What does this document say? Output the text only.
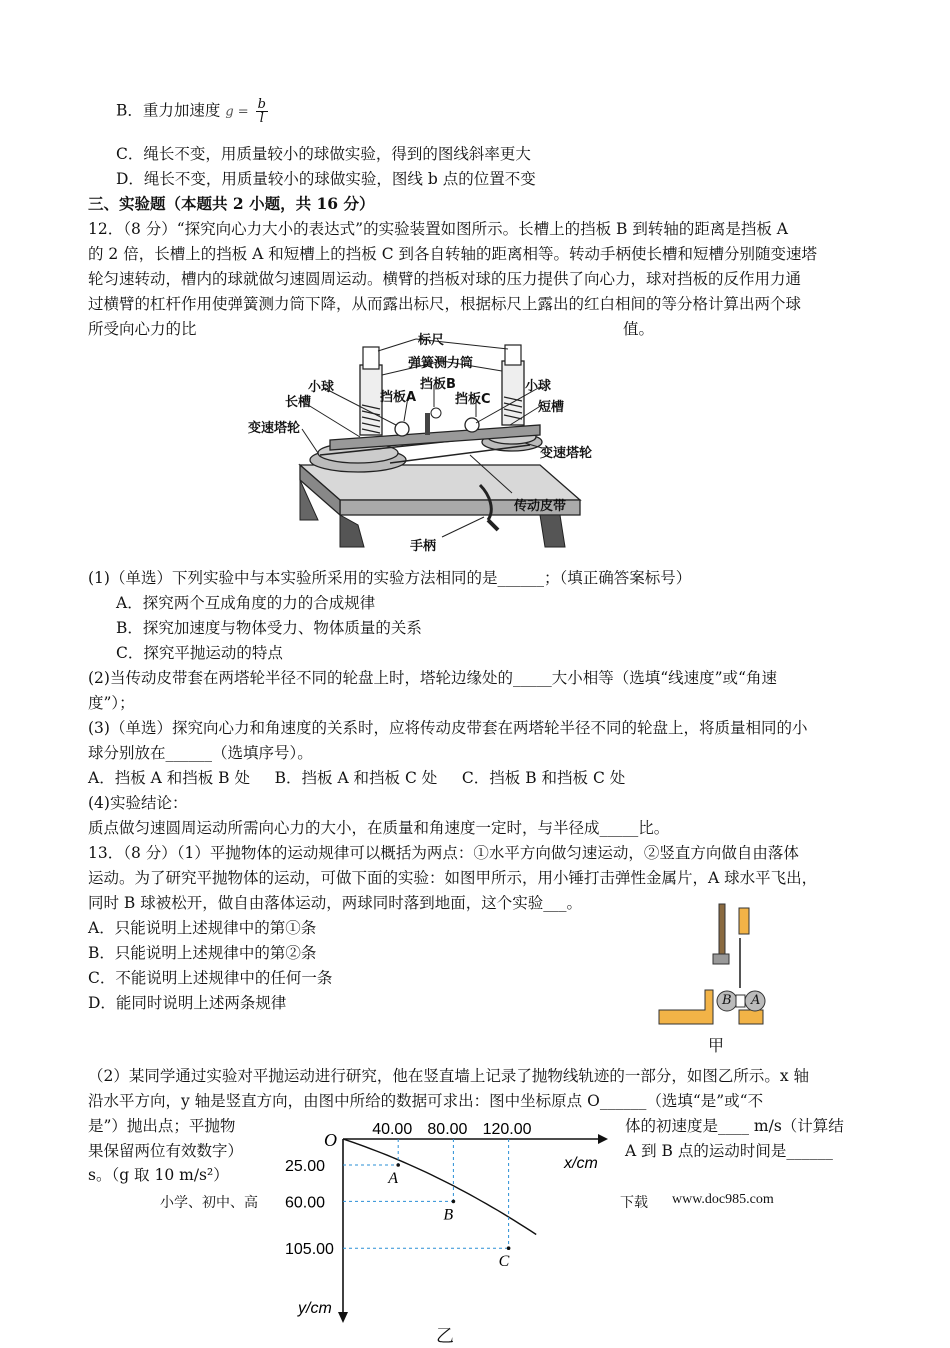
B．重力加速度 $g = \frac{b}{l}$
C．绳长不变，用质量较小的球做实验，得到的图线斜率更大
D．绳长不变，用质量较小的球做实验，图线 b 点的位置不变
三、实验题（本题共 2 小题，共 16 分）
12．（8 分）“探究向心力大小的表达式”的实验装置如图所示。长槽上的挡板 B 到转轴的距离是挡板 A
的 2 倍，长槽上的挡板 A 和短槽上的挡板 C 到各自转轴的距离相等。转动手柄使长槽和短槽分别随变速塔
轮匀速转动，槽内的球就做匀速圆周运动。横臂的挡板对球的压力提供了向心力，球对挡板的反作用力通
过横臂的杠杆作用使弹簧测力筒下降，从而露出标尺，根据标尺上露出的红白相间的等分格计算出两个球
所受向心力的比	值。
标尺
弹簧测力筒
小球	挡板B	小球
挡板A	挡板C
长槽	短槽
变速塔轮
变速塔轮
传动皮带
手柄
(1)（单选）下列实验中与本实验所采用的实验方法相同的是______；（填正确答案标号）
A．探究两个互成角度的力的合成规律
B．探究加速度与物体受力、物体质量的关系
C．探究平抛运动的特点
(2)当传动皮带套在两塔轮半径不同的轮盘上时，塔轮边缘处的_____大小相等（选填“线速度”或“角速
度”）；
(3)（单选）探究向心力和角速度的关系时，应将传动皮带套在两塔轮半径不同的轮盘上，将质量相同的小
球分别放在______（选填序号）。
A．挡板 A 和挡板 B 处     B．挡板 A 和挡板 C 处     C．挡板 B 和挡板 C 处
(4)实验结论：
质点做匀速圆周运动所需向心力的大小，在质量和角速度一定时，与半径成_____比。
13．（8 分）（1）平抛物体的运动规律可以概括为两点：①水平方向做匀速运动，②竖直方向做自由落体
运动。为了研究平抛物体的运动，可做下面的实验：如图甲所示，用小锤打击弹性金属片，A 球水平飞出，
同时 B 球被松开，做自由落体运动，两球同时落到地面，这个实验___。
A．只能说明上述规律中的第①条
B．只能说明上述规律中的第②条
C．不能说明上述规律中的任何一条
D．能同时说明上述两条规律	B A
甲
（2）某同学通过实验对平抛运动进行研究，他在竖直墙上记录了抛物线轨迹的一部分，如图乙所示。x 轴
沿水平方向，y 轴是竖直方向，由图中所给的数据可求出：图中坐标原点 O______（选填“是”或“不
是”）抛出点；平抛物	体的初速度是____ m/s（计算结
果保留两位有效数字）	A 到 B 点的运动时间是______
s。（g 取 10 m/s²）
小学、初中、高	下载 www.doc985.com
O
A
B
C
40.00 80.00 120.00
25.00
60.00
105.00
x/cm
y/cm
乙
